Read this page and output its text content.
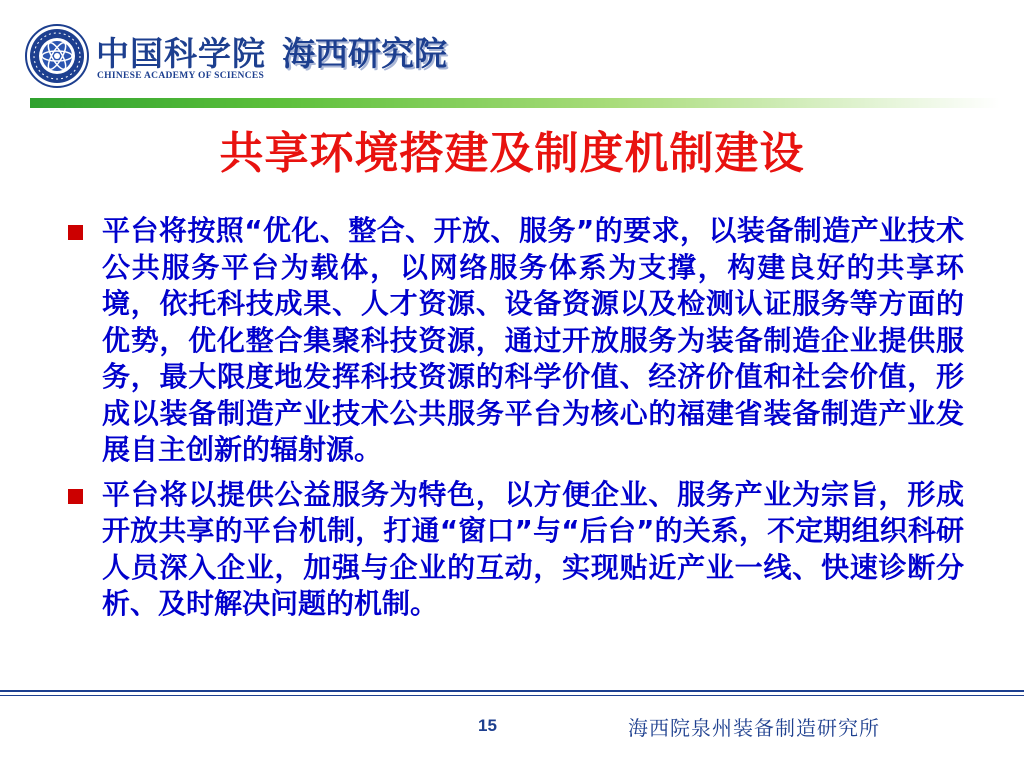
中国科学院
CHINESE ACADEMY OF SCIENCES
海西研究院
共享环境搭建及制度机制建设
平台将按照“优化、整合、开放、服务”的要求，以装备制造产业技术公共服务平台为载体，以网络服务体系为支撑，构建良好的共享环境，依托科技成果、人才资源、设备资源以及检测认证服务等方面的优势，优化整合集聚科技资源，通过开放服务为装备制造企业提供服务，最大限度地发挥科技资源的科学价值、经济价值和社会价值，形成以装备制造产业技术公共服务平台为核心的福建省装备制造产业发展自主创新的辐射源。
平台将以提供公益服务为特色，以方便企业、服务产业为宗旨，形成开放共享的平台机制，打通“窗口”与“后台”的关系，不定期组织科研人员深入企业，加强与企业的互动，实现贴近产业一线、快速诊断分析、及时解决问题的机制。
15	海西院泉州装备制造研究所
